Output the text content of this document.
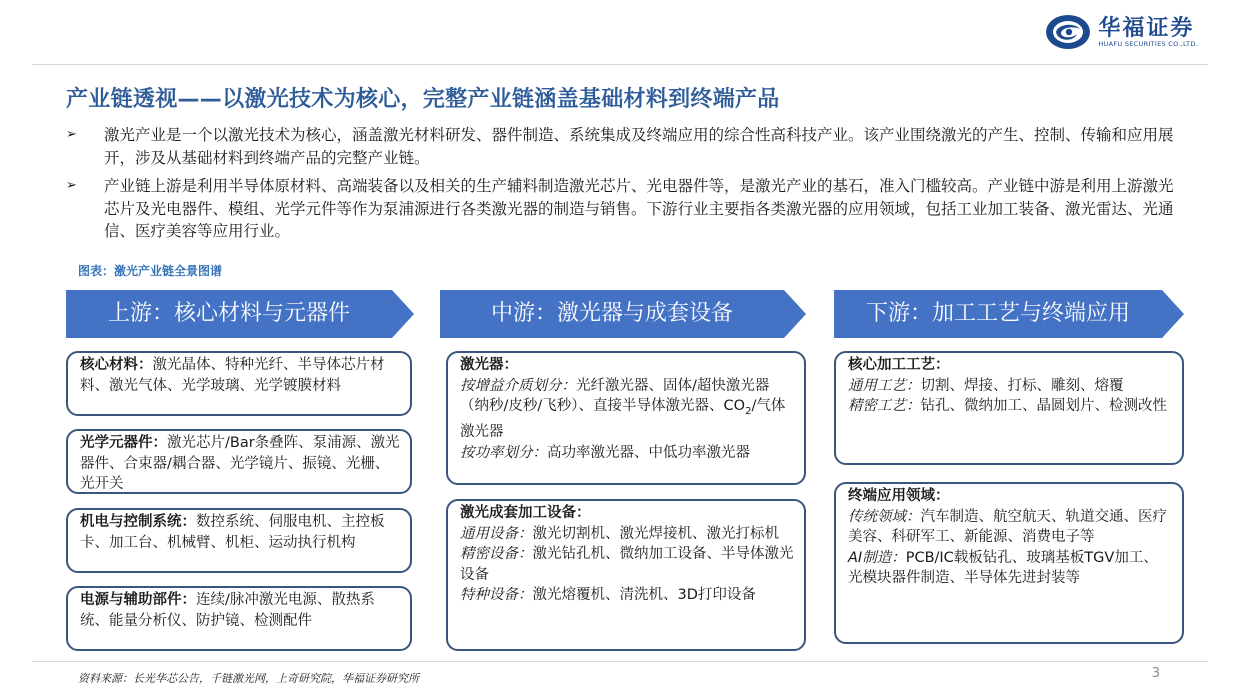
华福证券
HUAFU SECURITIES CO.,LTD.
产业链透视——以激光技术为核心，完整产业链涵盖基础材料到终端产品
➢	激光产业是一个以激光技术为核心，涵盖激光材料研发、器件制造、系统集成及终端应用的综合性高科技产业。该产业围绕激光的产生、控制、传输和应用展开，涉及从基础材料到终端产品的完整产业链。
➢	产业链上游是利用半导体原材料、高端装备以及相关的生产辅料制造激光芯片、光电器件等，是激光产业的基石，准入门槛较高。产业链中游是利用上游激光芯片及光电器件、模组、光学元件等作为泵浦源进行各类激光器的制造与销售。下游行业主要指各类激光器的应用领域，包括工业加工装备、激光雷达、光通信、医疗美容等应用行业。
图表：激光产业链全景图谱
上游：核心材料与元器件	中游：激光器与成套设备	下游：加工工艺与终端应用
核心材料：激光晶体、特种光纤、半导体芯片材料、激光气体、光学玻璃、光学镀膜材料
光学元器件：激光芯片/Bar条叠阵、泵浦源、激光器件、合束器/耦合器、光学镜片、振镜、光栅、光开关
机电与控制系统：数控系统、伺服电机、主控板卡、加工台、机械臂、机柜、运动执行机构
电源与辅助部件：连续/脉冲激光电源、散热系统、能量分析仪、防护镜、检测配件
激光器：
按增益介质划分：光纤激光器、固体/超快激光器（纳秒/皮秒/飞秒）、直接半导体激光器、$CO_2/$气体激光器
按功率划分：高功率激光器、中低功率激光器
激光成套加工设备：
通用设备：激光切割机、激光焊接机、激光打标机
精密设备：激光钻孔机、微纳加工设备、半导体激光设备
特种设备：激光熔覆机、清洗机、3D打印设备
核心加工工艺：
通用工艺：切割、焊接、打标、雕刻、熔覆
精密工艺：钻孔、微纳加工、晶圆划片、检测改性
终端应用领域：
传统领域：汽车制造、航空航天、轨道交通、医疗美容、科研军工、新能源、消费电子等
AI制造：PCB/IC载板钻孔、玻璃基板TGV加工、光模块器件制造、半导体先进封装等
资料来源：长光华芯公告，千链激光网，上奇研究院，华福证券研究所	3
